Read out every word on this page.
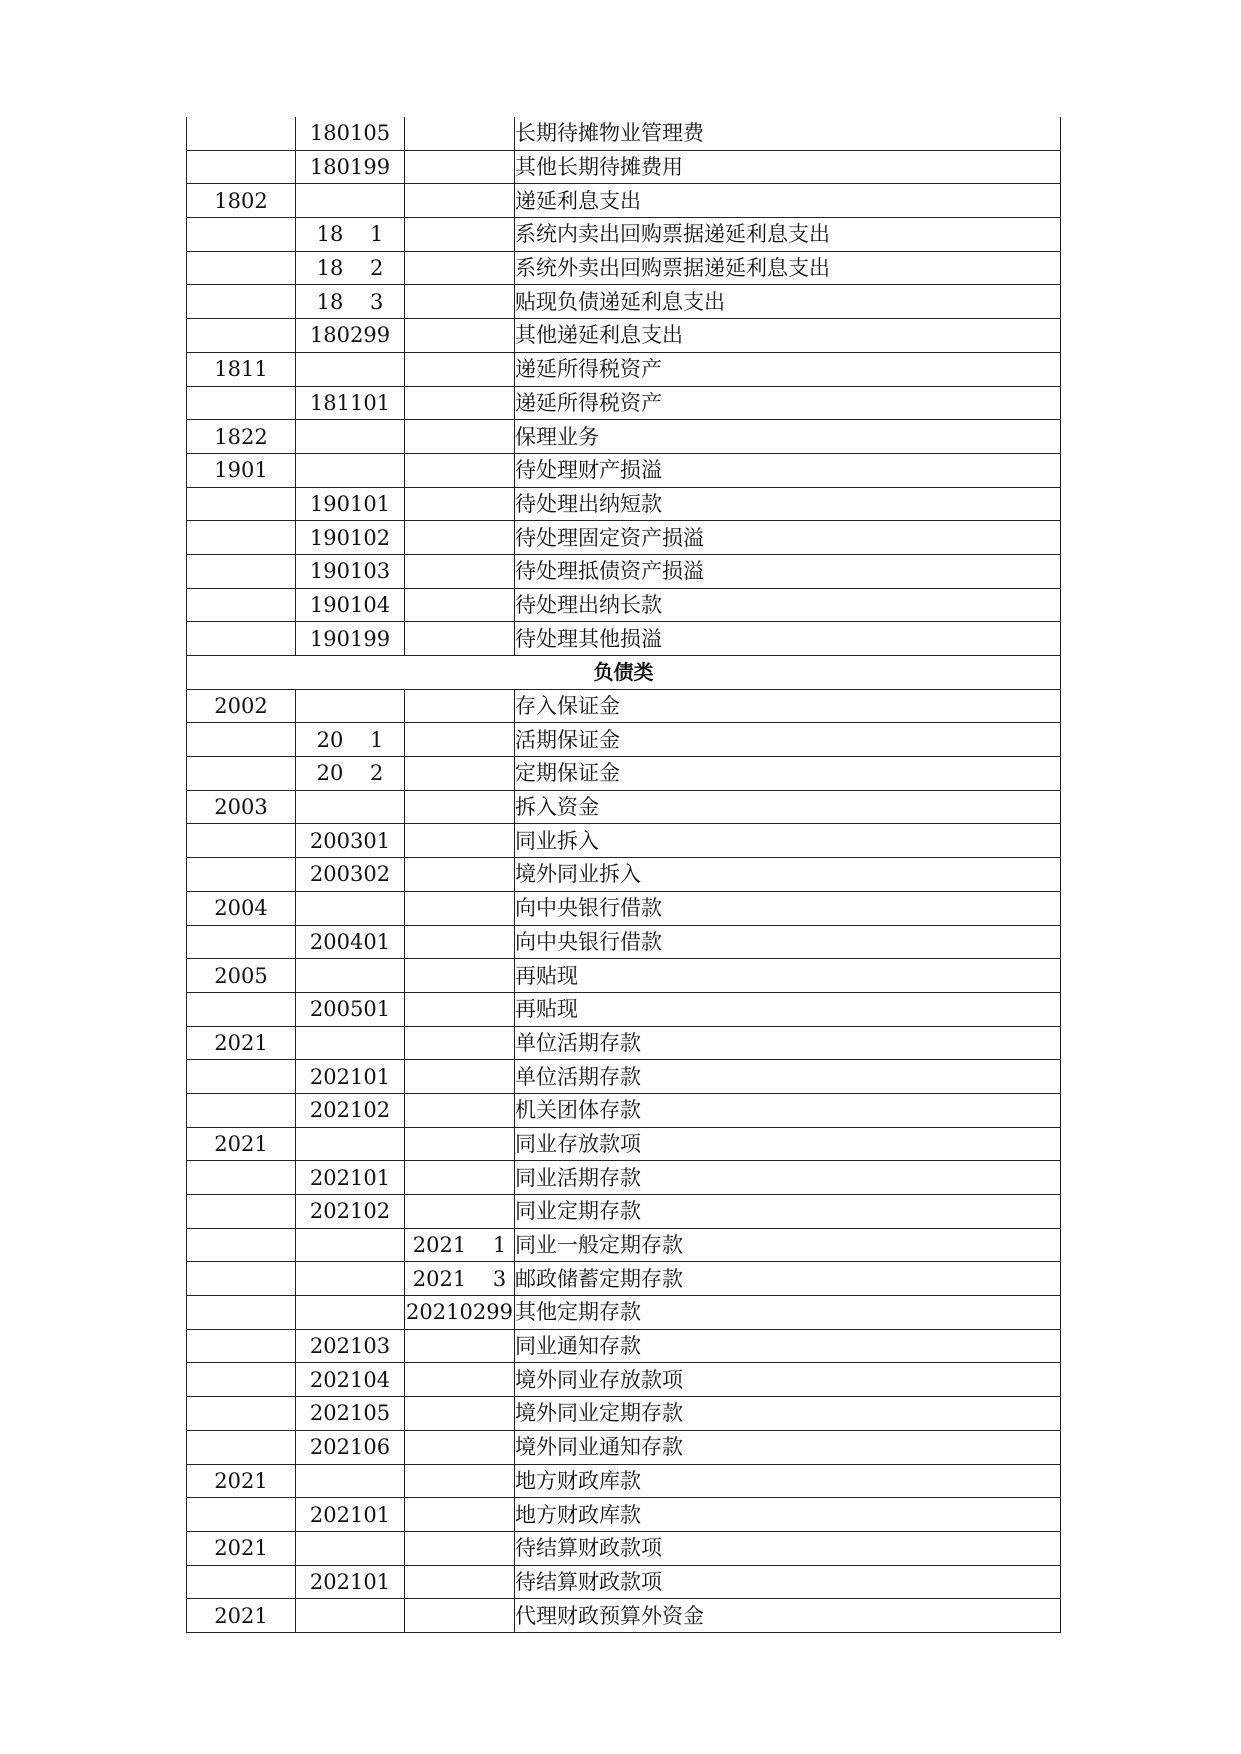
	180105		长期待摊物业管理费
	180199		其他长期待摊费用
1802			递延利息支出
	18    1		系统内卖出回购票据递延利息支出
	18    2		系统外卖出回购票据递延利息支出
	18    3		贴现负债递延利息支出
	180299		其他递延利息支出
1811			递延所得税资产
	181101		递延所得税资产
1822			保理业务
1901			待处理财产损溢
	190101		待处理出纳短款
	190102		待处理固定资产损溢
	190103		待处理抵债资产损溢
	190104		待处理出纳长款
	190199		待处理其他损溢
负债类			
2002			存入保证金
	20    1		活期保证金
	20    2		定期保证金
2003			拆入资金
	200301		同业拆入
	200302		境外同业拆入
2004			向中央银行借款
	200401		向中央银行借款
2005			再贴现
	200501		再贴现
2021			单位活期存款
	202101		单位活期存款
	202102		机关团体存款
2021			同业存放款项
	202101		同业活期存款
	202102		同业定期存款
		2021    1	同业一般定期存款
		2021    3	邮政储蓄定期存款
		20210299	其他定期存款
	202103		同业通知存款
	202104		境外同业存放款项
	202105		境外同业定期存款
	202106		境外同业通知存款
2021			地方财政库款
	202101		地方财政库款
2021			待结算财政款项
	202101		待结算财政款项
2021			代理财政预算外资金
